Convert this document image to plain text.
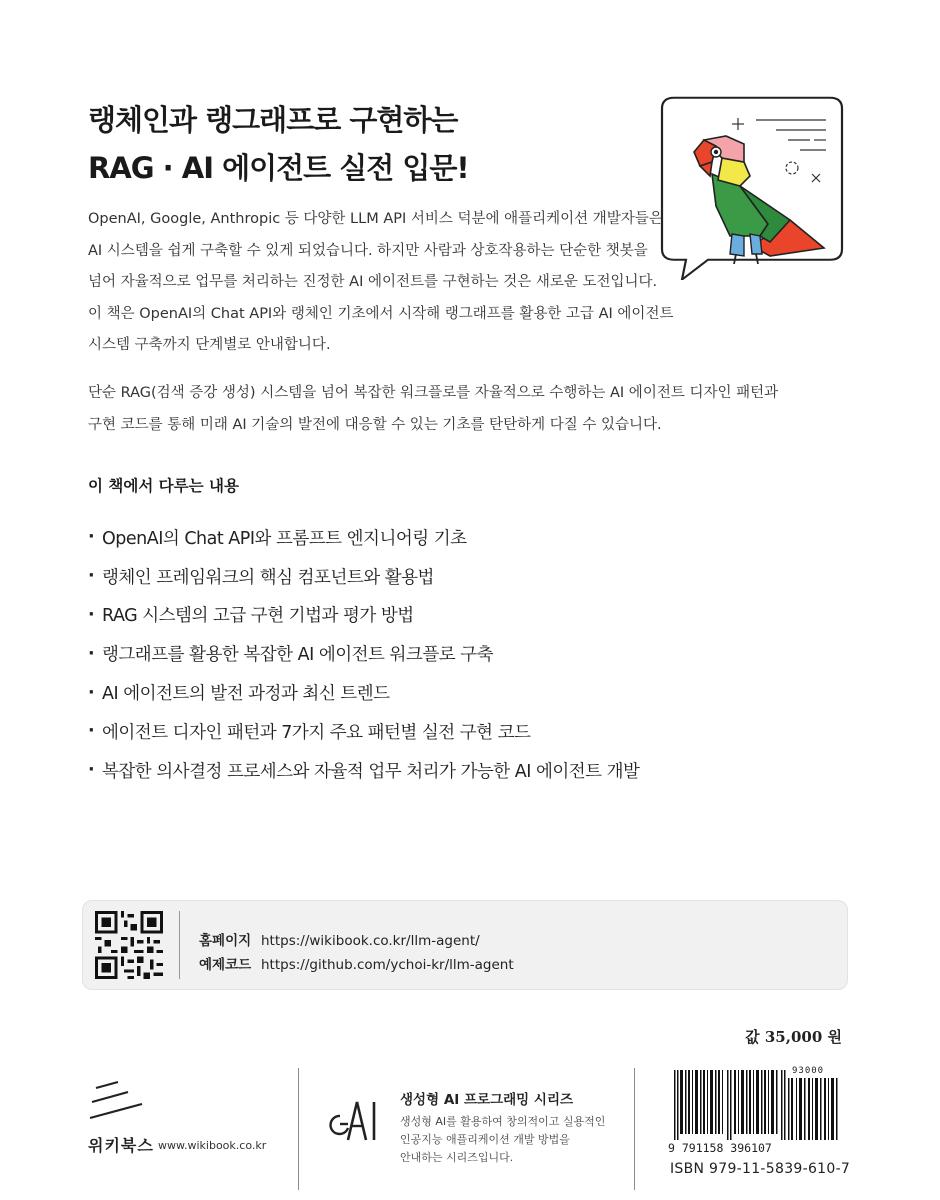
랭체인과 랭그래프로 구현하는
RAG · AI 에이전트 실전 입문!
OpenAI, Google, Anthropic 등 다양한 LLM API 서비스 덕분에 애플리케이션 개발자들은
AI 시스템을 쉽게 구축할 수 있게 되었습니다. 하지만 사람과 상호작용하는 단순한 챗봇을
넘어 자율적으로 업무를 처리하는 진정한 AI 에이전트를 구현하는 것은 새로운 도전입니다.
이 책은 OpenAI의 Chat API와 랭체인 기초에서 시작해 랭그래프를 활용한 고급 AI 에이전트
시스템 구축까지 단계별로 안내합니다.
단순 RAG(검색 증강 생성) 시스템을 넘어 복잡한 워크플로를 자율적으로 수행하는 AI 에이전트 디자인 패턴과
구현 코드를 통해 미래 AI 기술의 발전에 대응할 수 있는 기초를 탄탄하게 다질 수 있습니다.
이 책에서 다루는 내용
· OpenAI의 Chat API와 프롬프트 엔지니어링 기초
· 랭체인 프레임워크의 핵심 컴포넌트와 활용법
· RAG 시스템의 고급 구현 기법과 평가 방법
· 랭그래프를 활용한 복잡한 AI 에이전트 워크플로 구축
· AI 에이전트의 발전 과정과 최신 트렌드
· 에이전트 디자인 패턴과 7가지 주요 패턴별 실전 구현 코드
· 복잡한 의사결정 프로세스와 자율적 업무 처리가 가능한 AI 에이전트 개발
홈페이지 https://wikibook.co.kr/llm-agent/
예제코드 https://github.com/ychoi-kr/llm-agent
값 35,000 원
위키북스 www.wikibook.co.kr
GAI	생성형 AI 프로그래밍 시리즈
생성형 AI를 활용하여 창의적이고 실용적인
인공지능 애플리케이션 개발 방법을
안내하는 시리즈입니다.
93000
9 791158 396107
ISBN 979-11-5839-610-7
